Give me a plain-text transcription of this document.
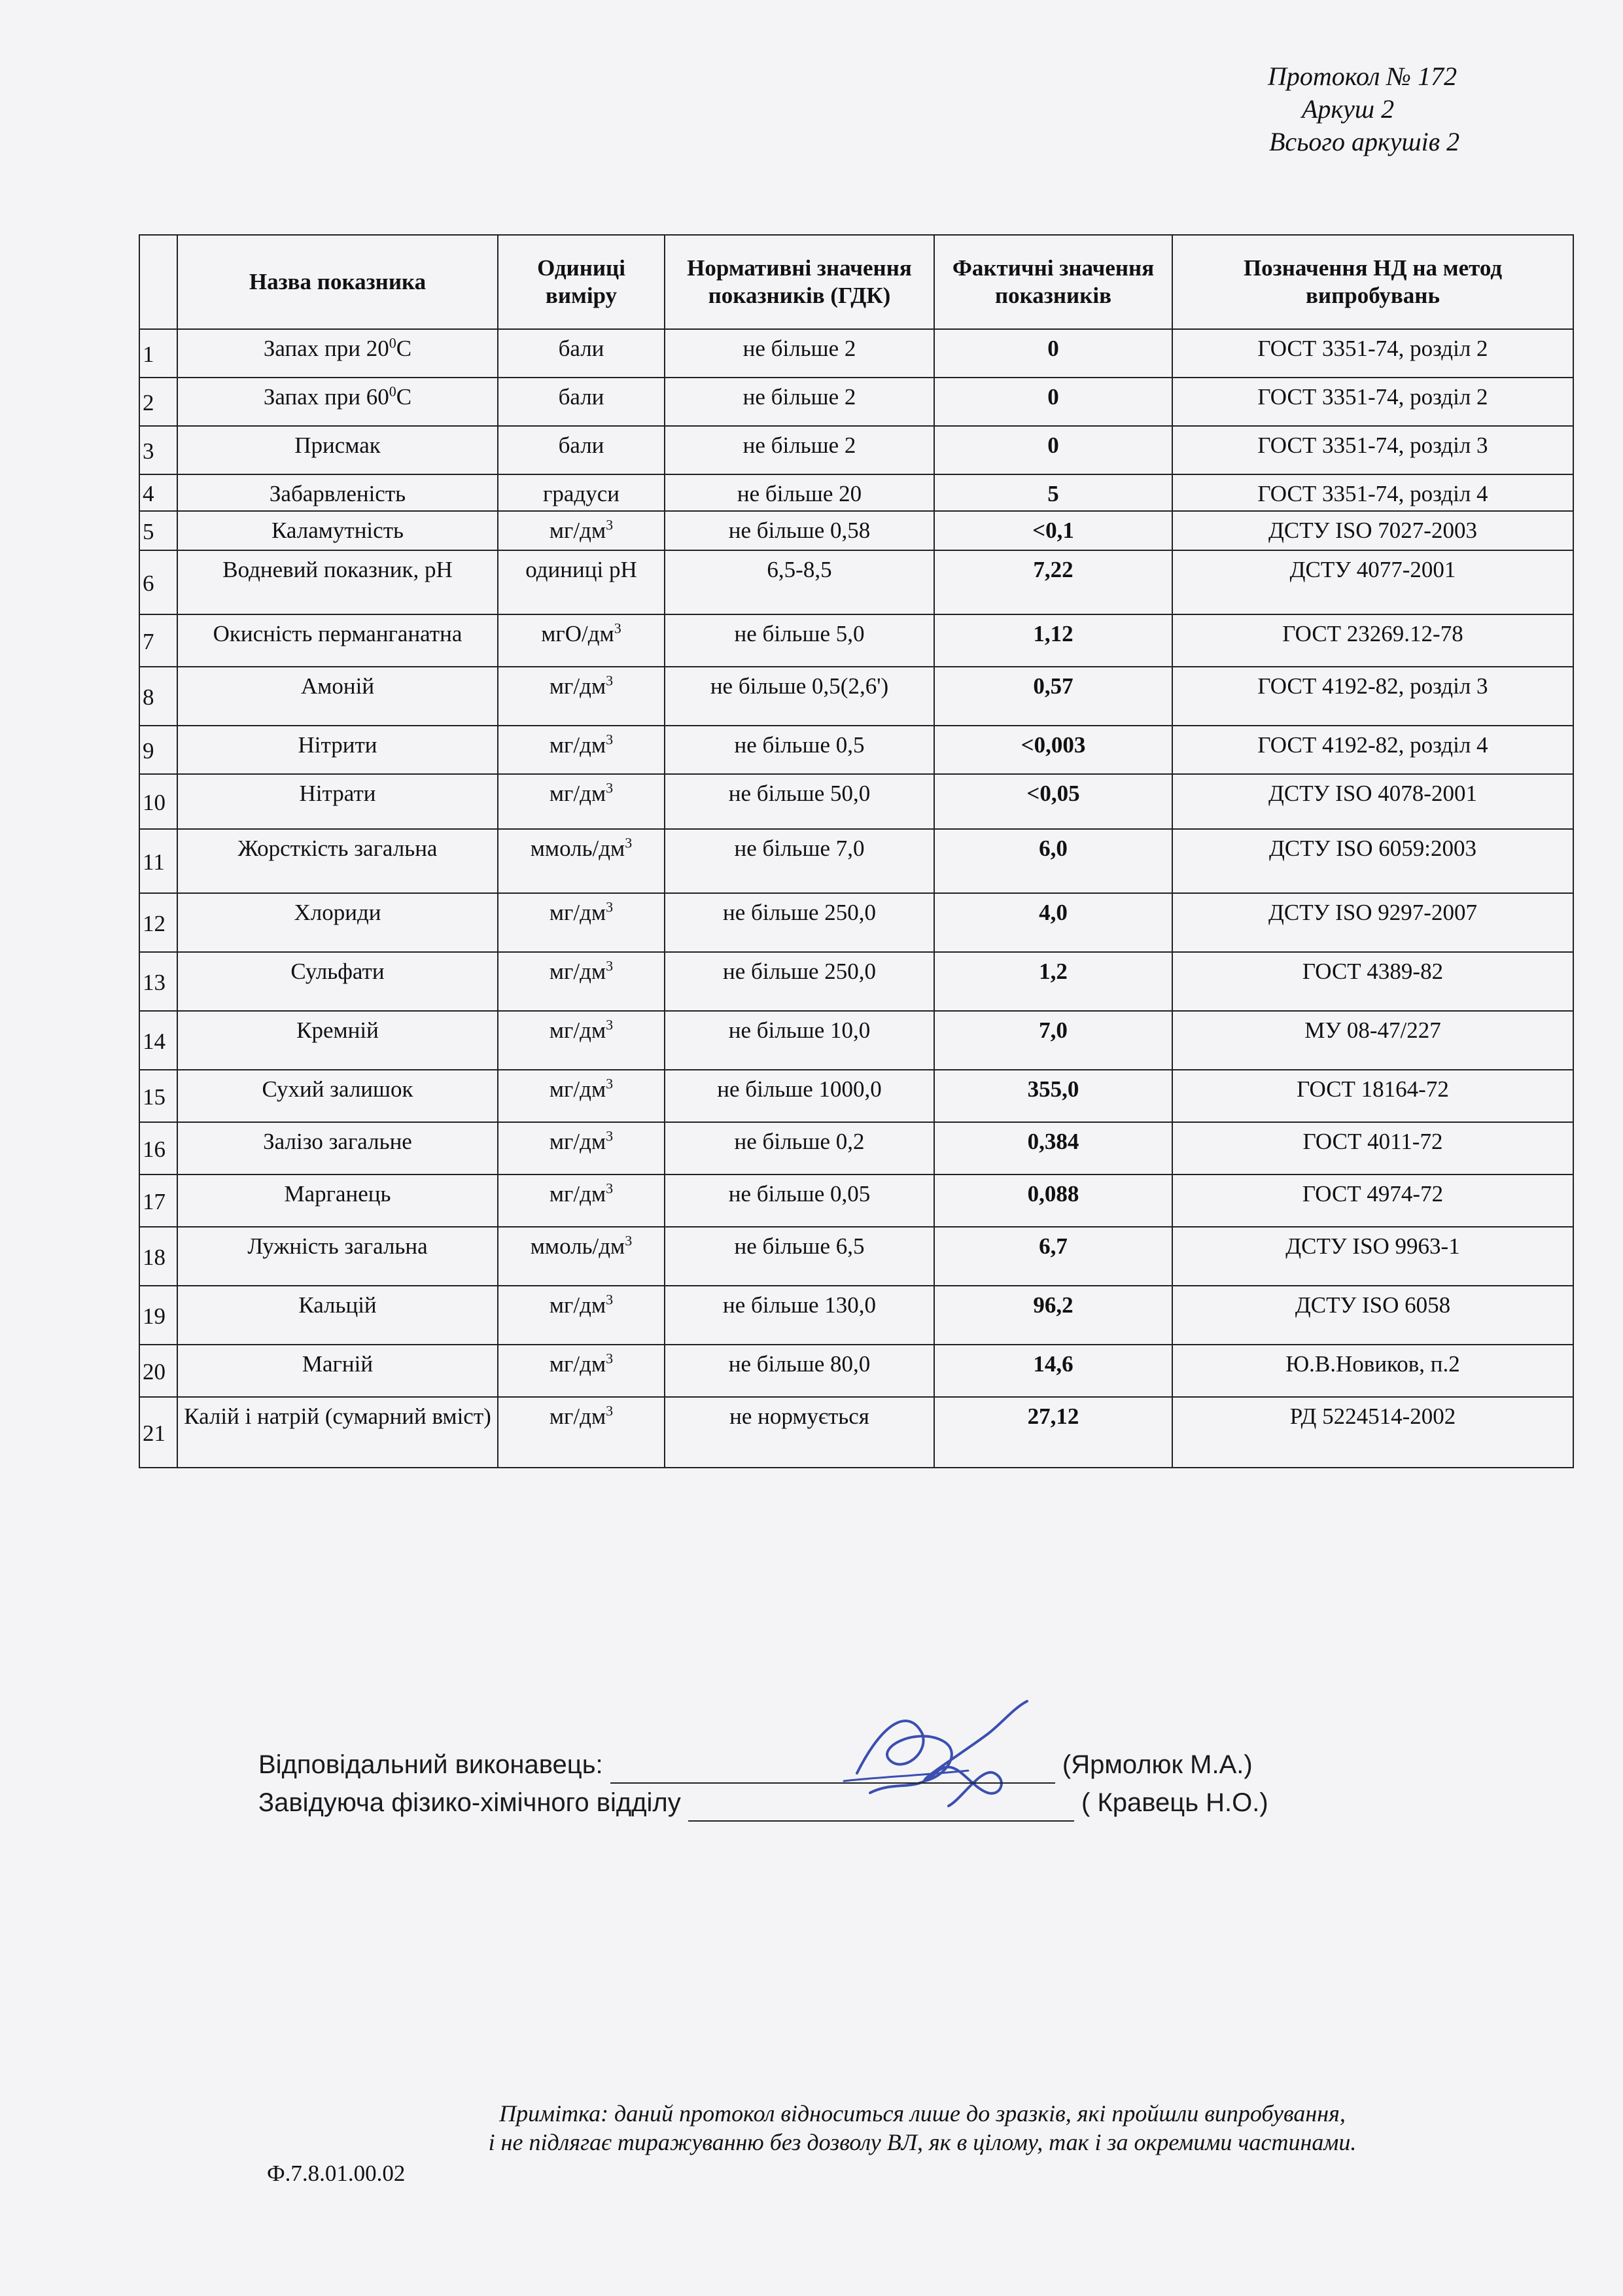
Протокол № 172
Аркуш 2
Всього аркушів 2
	Назва показника	Одиниці виміру	Нормативні значення показників (ГДК)	Фактичні значення показників	Позначення НД на метод випробувань
1	Запах при $20^0С$	бали	не більше 2	0	ГОСТ 3351-74, розділ 2
2	Запах при $60^0С$	бали	не більше 2	0	ГОСТ 3351-74, розділ 2
3	Присмак	бали	не більше 2	0	ГОСТ 3351-74, розділ 3
4	Забарвленість	градуси	не більше 20	5	ГОСТ 3351-74, розділ 4
5	Каламутність	$мг/дм^3$	не більше 0,58	<0,1	ДСТУ ISO 7027-2003
6	Водневий показник, рН	одиниці рН	6,5-8,5	7,22	ДСТУ 4077-2001
7	Окисність перманганатна	мгО/$дм^3$	не більше 5,0	1,12	ГОСТ 23269.12-78
8	Амоній	$мг/дм^3$	не більше 0,5(2,6')	0,57	ГОСТ 4192-82, розділ 3
9	Нітрити	$мг/дм^3$	не більше 0,5	<0,003	ГОСТ 4192-82, розділ 4
10	Нітрати	$мг/дм^3$	не більше 50,0	<0,05	ДСТУ ISO 4078-2001
11	Жорсткість загальна	ммоль/$дм^3$	не більше 7,0	6,0	ДСТУ ISO 6059:2003
12	Хлориди	$мг/дм^3$	не більше 250,0	4,0	ДСТУ ISO 9297-2007
13	Сульфати	$мг/дм^3$	не більше 250,0	1,2	ГОСТ 4389-82
14	Кремній	$мг/дм^3$	не більше 10,0	7,0	МУ 08-47/227
15	Сухий залишок	$мг/дм^3$	не більше 1000,0	355,0	ГОСТ 18164-72
16	Залізо загальне	$мг/дм^3$	не більше 0,2	0,384	ГОСТ 4011-72
17	Марганець	$мг/дм^3$	не більше 0,05	0,088	ГОСТ 4974-72
18	Лужність загальна	ммоль/$дм^3$	не більше 6,5	6,7	ДСТУ ISO 9963-1
19	Кальцій	$мг/дм^3$	не більше 130,0	96,2	ДСТУ ISO 6058
20	Магній	$мг/дм^3$	не більше 80,0	14,6	Ю.В.Новиков, п.2
21	Калій і натрій (сумарний вміст)	$мг/дм^3$	не нормується	27,12	РД 5224514-2002
Відповідальний виконавець:	(Ярмолюк М.А.)
Завідуюча фізико-хімічного відділу	( Кравець Н.О.)
Примітка: даний протокол відноситься лише до зразків, які пройшли випробування,
і не підлягає тиражуванню без дозволу ВЛ, як в цілому, так і за окремими частинами.
Ф.7.8.01.00.02
